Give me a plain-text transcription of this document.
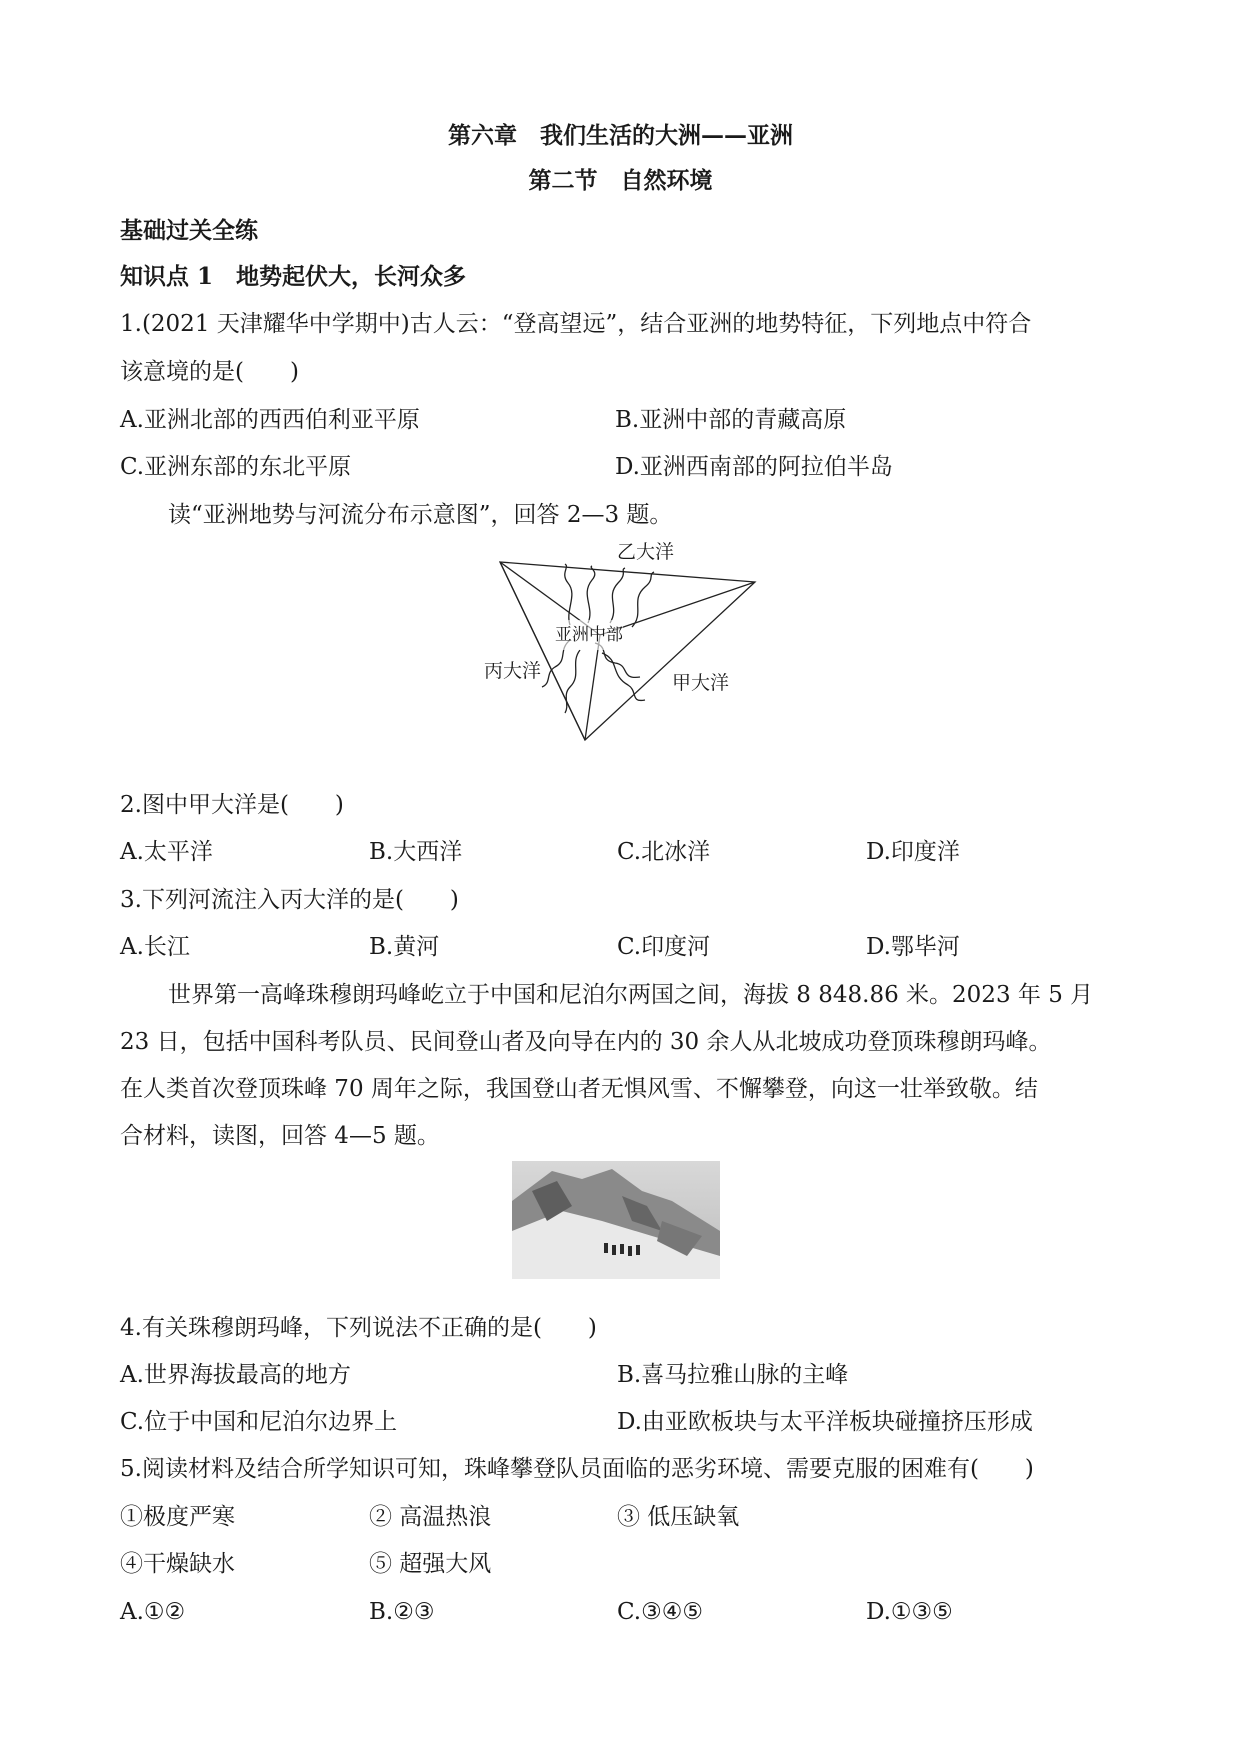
第六章　我们生活的大洲——亚洲
第二节　自然环境
基础过关全练
知识点 1　地势起伏大，长河众多
1.(2021 天津耀华中学期中)古人云：“登高望远”，结合亚洲的地势特征，下列地点中符合
该意境的是(　　)
A.亚洲北部的西西伯利亚平原	B.亚洲中部的青藏高原
C.亚洲东部的东北平原	D.亚洲西南部的阿拉伯半岛
读“亚洲地势与河流分布示意图”，回答 2—3 题。
乙大洋
亚洲中部
丙大洋
甲大洋
2.图中甲大洋是(　　)
A.太平洋	B.大西洋	C.北冰洋	D.印度洋
3.下列河流注入丙大洋的是(　　)
A.长江	B.黄河	C.印度河	D.鄂毕河
世界第一高峰珠穆朗玛峰屹立于中国和尼泊尔两国之间，海拔 8 848.86 米。2023 年 5 月
23 日，包括中国科考队员、民间登山者及向导在内的 30 余人从北坡成功登顶珠穆朗玛峰。
在人类首次登顶珠峰 70 周年之际，我国登山者无惧风雪、不懈攀登，向这一壮举致敬。结
合材料，读图，回答 4—5 题。
4.有关珠穆朗玛峰，下列说法不正确的是(　　)
A.世界海拔最高的地方	B.喜马拉雅山脉的主峰
C.位于中国和尼泊尔边界上	D.由亚欧板块与太平洋板块碰撞挤压形成
5.阅读材料及结合所学知识可知，珠峰攀登队员面临的恶劣环境、需要克服的困难有(　　)
①极度严寒	② 高温热浪	③ 低压缺氧
④干燥缺水	⑤ 超强大风
A.①②	B.②③	C.③④⑤	D.①③⑤
